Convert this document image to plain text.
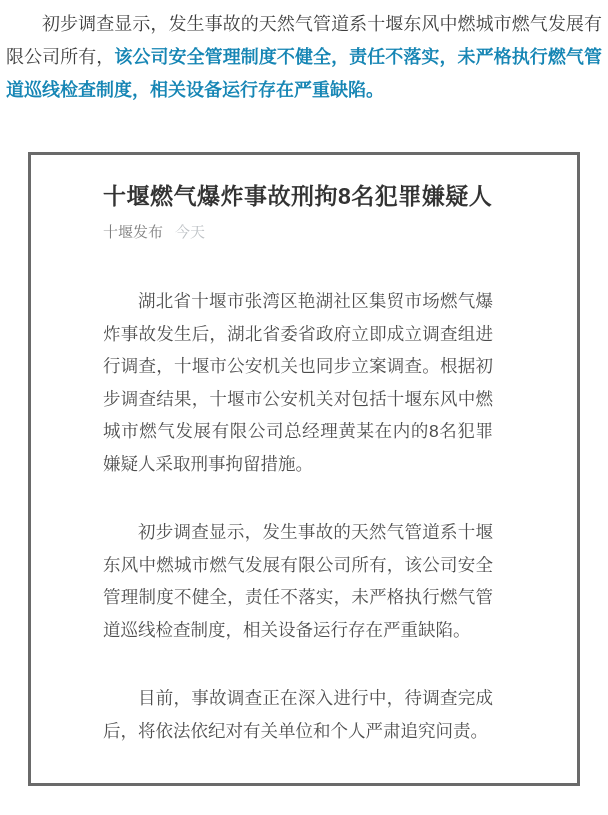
初步调查显示，发生事故的天然气管道系十堰东风中燃城市燃气发展有限公司所有，该公司安全管理制度不健全，责任不落实，未严格执行燃气管道巡线检查制度，相关设备运行存在严重缺陷。

十堰燃气爆炸事故刑拘8名犯罪嫌疑人
十堰发布 今天

湖北省十堰市张湾区艳湖社区集贸市场燃气爆炸事故发生后，湖北省委省政府立即成立调查组进行调查，十堰市公安机关也同步立案调查。根据初步调查结果，十堰市公安机关对包括十堰东风中燃城市燃气发展有限公司总经理黄某在内的8名犯罪嫌疑人采取刑事拘留措施。

初步调查显示，发生事故的天然气管道系十堰东风中燃城市燃气发展有限公司所有，该公司安全管理制度不健全，责任不落实，未严格执行燃气管道巡线检查制度，相关设备运行存在严重缺陷。

目前，事故调查正在深入进行中，待调查完成后，将依法依纪对有关单位和个人严肃追究问责。
